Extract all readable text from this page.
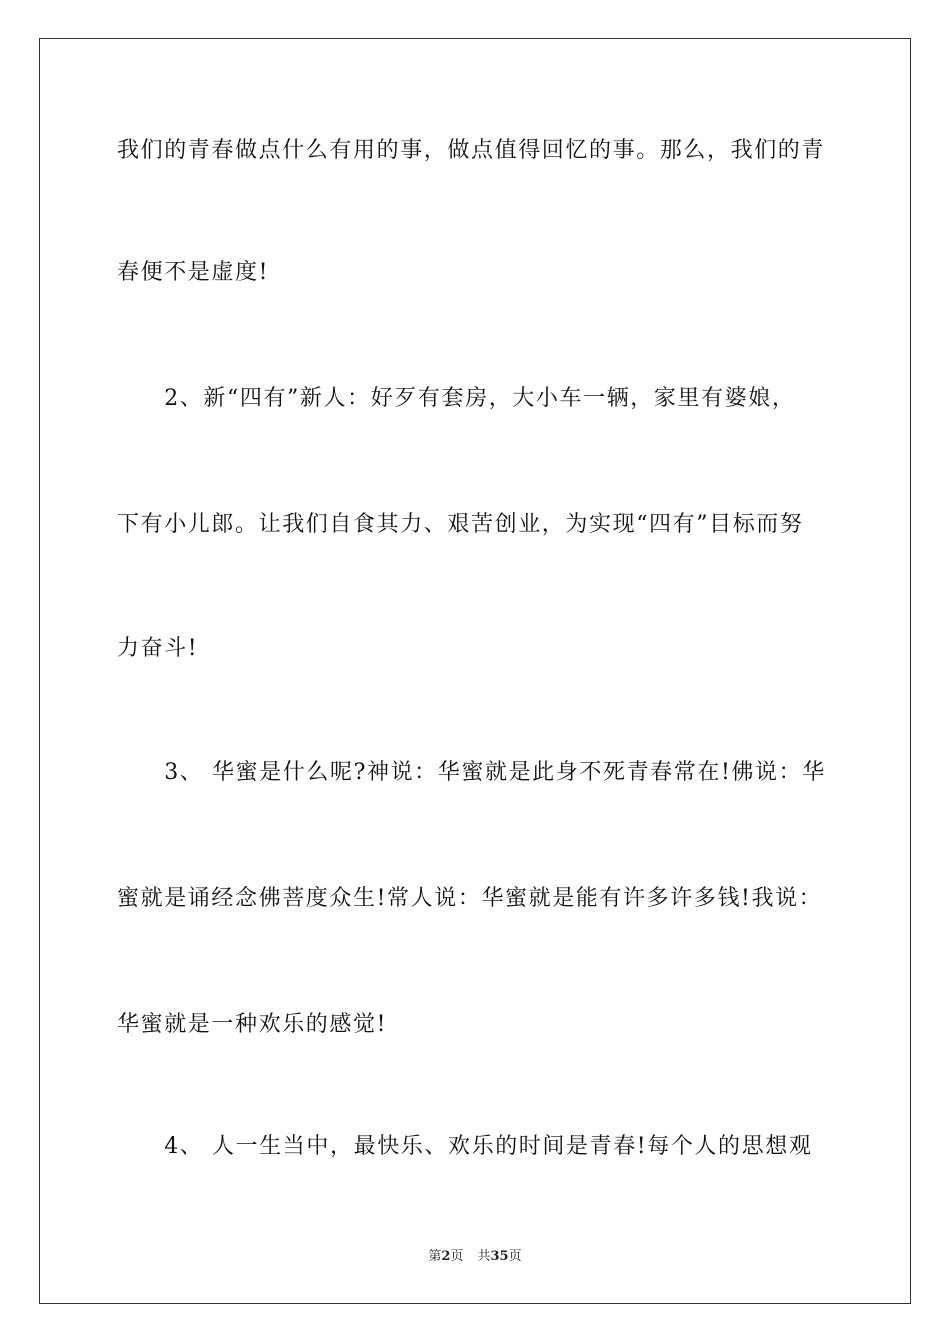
我们的青春做点什么有用的事，做点值得回忆的事。那么，我们的青
春便不是虚度!
　　2、新“四有”新人：好歹有套房，大小车一辆，家里有婆娘，
下有小儿郎。让我们自食其力、艰苦创业，为实现“四有”目标而努
力奋斗!
　　3、 华蜜是什么呢?神说：华蜜就是此身不死青春常在!佛说：华
蜜就是诵经念佛菩度众生!常人说：华蜜就是能有许多许多钱!我说：
华蜜就是一种欢乐的感觉!
　　4、 人一生当中，最快乐、欢乐的时间是青春!每个人的思想观
第2页 共35页
